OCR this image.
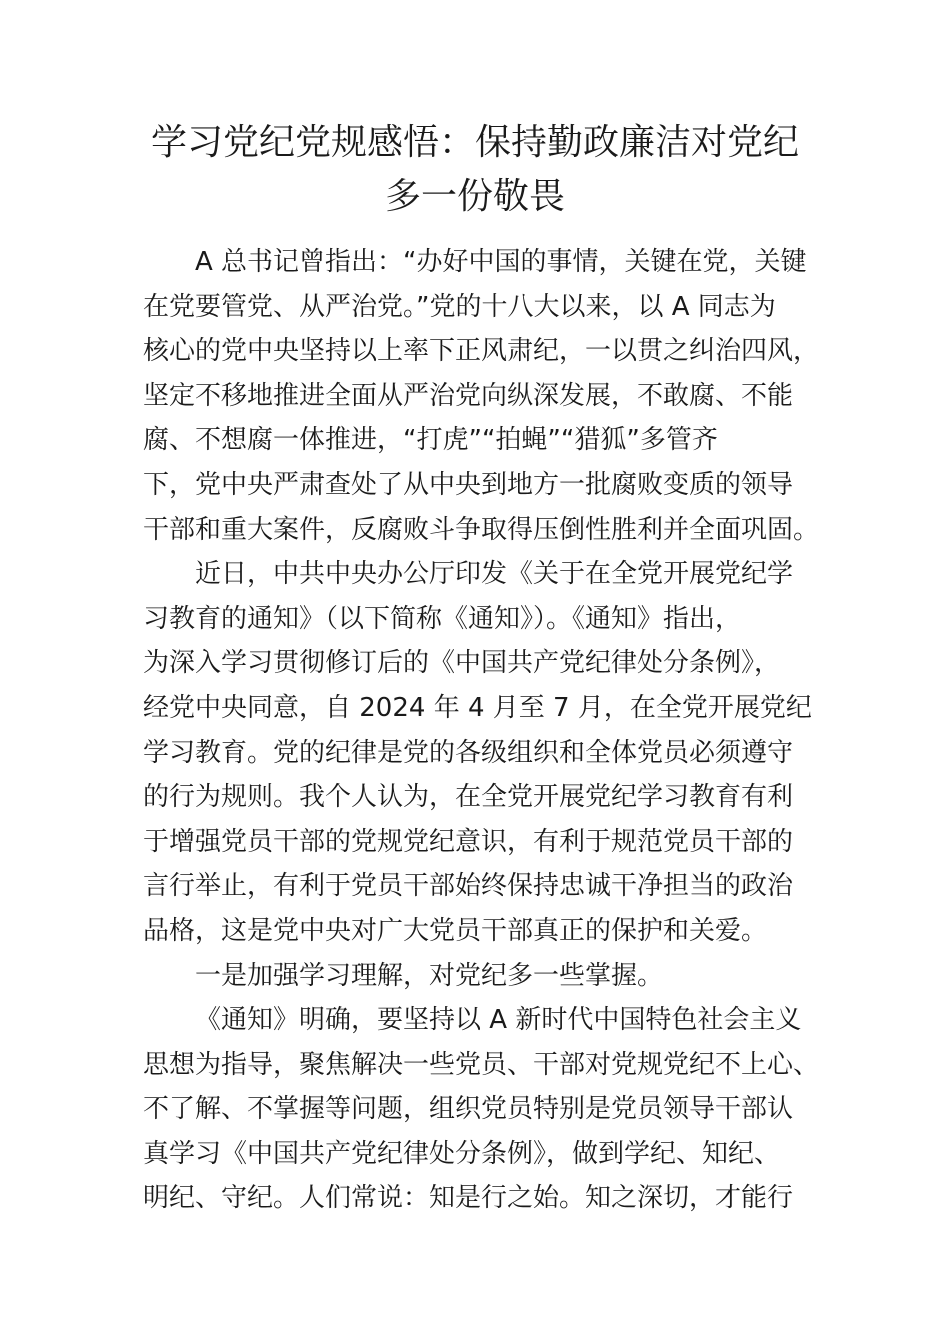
学习党纪党规感悟：保持勤政廉洁对党纪
多一份敬畏
A 总书记曾指出：“办好中国的事情，关键在党，关键
在党要管党、从严治党。”党的十八大以来，以 A 同志为
核心的党中央坚持以上率下正风肃纪，一以贯之纠治四风，
坚定不移地推进全面从严治党向纵深发展，不敢腐、不能
腐、不想腐一体推进，“打虎”“拍蝇”“猎狐”多管齐
下，党中央严肃查处了从中央到地方一批腐败变质的领导
干部和重大案件，反腐败斗争取得压倒性胜利并全面巩固。
近日，中共中央办公厅印发《关于在全党开展党纪学
习教育的通知》（以下简称《通知》）。《通知》指出，
为深入学习贯彻修订后的《中国共产党纪律处分条例》，
经党中央同意，自 2024 年 4 月至 7 月，在全党开展党纪
学习教育。党的纪律是党的各级组织和全体党员必须遵守
的行为规则。我个人认为，在全党开展党纪学习教育有利
于增强党员干部的党规党纪意识，有利于规范党员干部的
言行举止，有利于党员干部始终保持忠诚干净担当的政治
品格，这是党中央对广大党员干部真正的保护和关爱。
一是加强学习理解，对党纪多一些掌握。
《通知》明确，要坚持以 A 新时代中国特色社会主义
思想为指导，聚焦解决一些党员、干部对党规党纪不上心、
不了解、不掌握等问题，组织党员特别是党员领导干部认
真学习《中国共产党纪律处分条例》，做到学纪、知纪、
明纪、守纪。人们常说：知是行之始。知之深切，才能行
